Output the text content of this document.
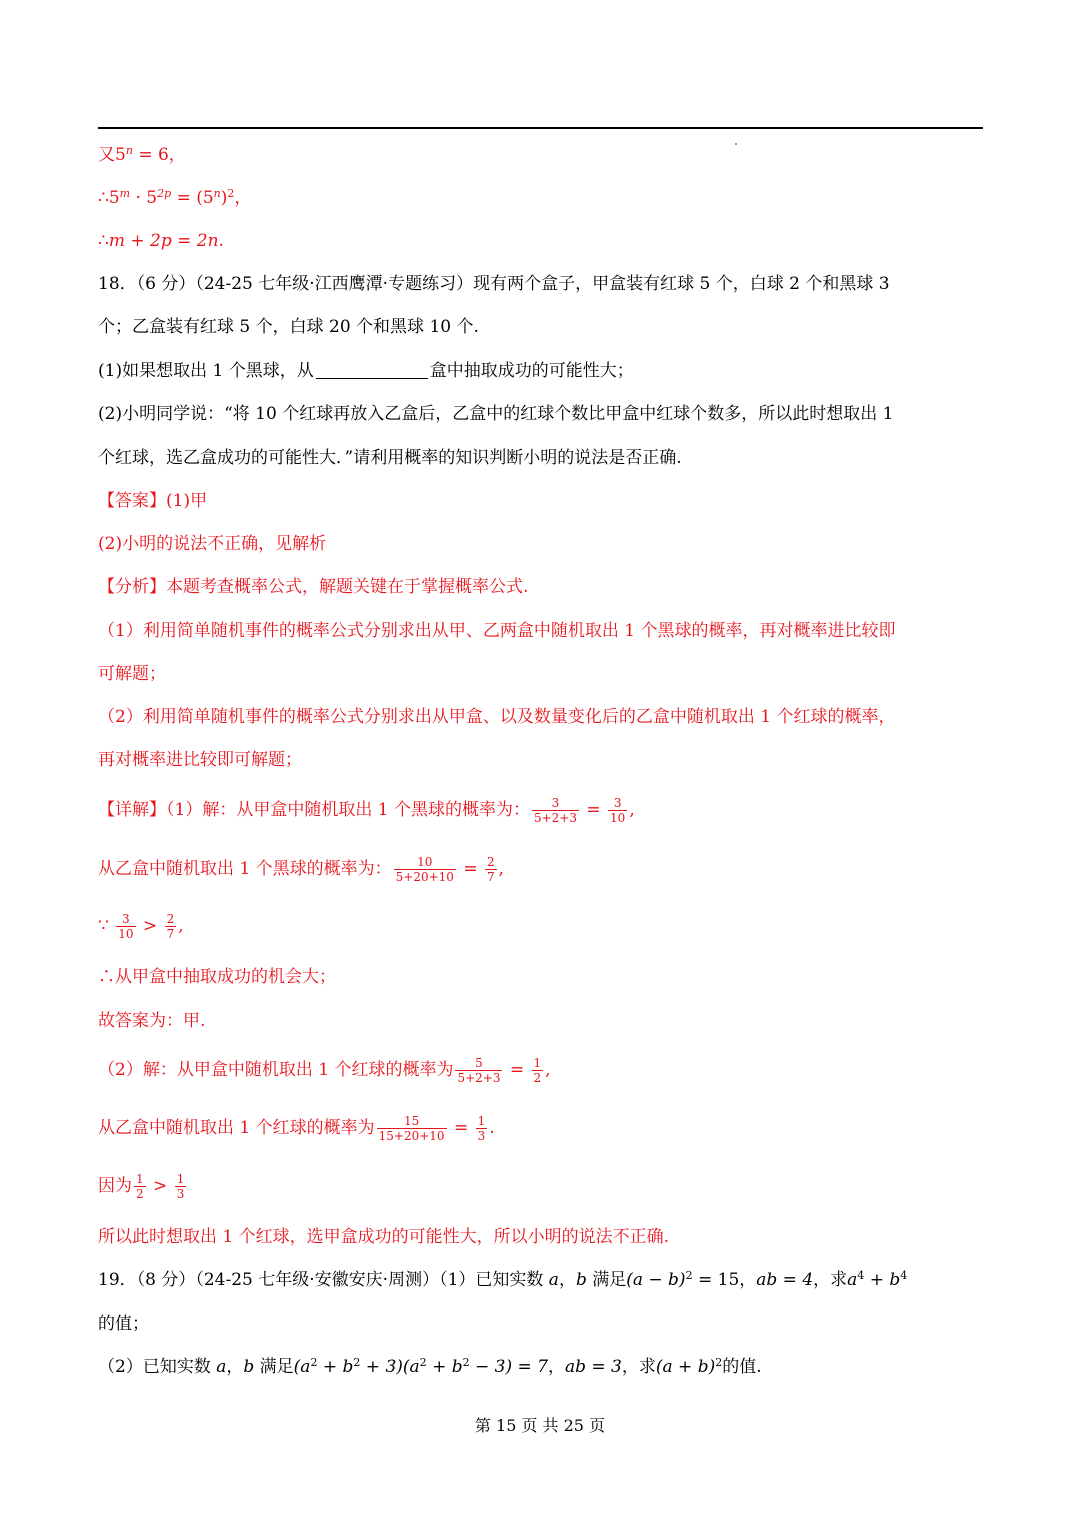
又$5^n = 6$，
$\therefore 5^m \cdot 5^{2p} = (5^n)^2$，
∴m + 2p = 2n.
18．（6 分）（24-25 七年级·江西鹰潭·专题练习）现有两个盒子，甲盒装有红球 5 个，白球 2 个和黑球 3
个；乙盒装有红球 5 个，白球 20 个和黑球 10 个.
(1)如果想取出 1 个黑球，从	盒中抽取成功的可能性大；
(2)小明同学说：“将 10 个红球再放入乙盒后，乙盒中的红球个数比甲盒中红球个数多，所以此时想取出 1
个红球，选乙盒成功的可能性大．”请利用概率的知识判断小明的说法是否正确.
【答案】(1)甲
(2)小明的说法不正确，见解析
【分析】本题考查概率公式，解题关键在于掌握概率公式.
（1）利用简单随机事件的概率公式分别求出从甲、乙两盒中随机取出 1 个黑球的概率，再对概率进比较即
可解题；
（2）利用简单随机事件的概率公式分别求出从甲盒、以及数量变化后的乙盒中随机取出 1 个红球的概率，
再对概率进比较即可解题；
【详解】（1）解：从甲盒中随机取出 1 个黑球的概率为： $\frac{3}{5+2+3} = \frac{3}{10}$ ,
从乙盒中随机取出 1 个黑球的概率为： $\frac{10}{5+20+10} = \frac{2}{7}$ ,
∵ $\frac{3}{10} > \frac{2}{7}$ ,
∴从甲盒中抽取成功的机会大；
故答案为：甲.
（2）解：从甲盒中随机取出 1 个红球的概率为 $\frac{5}{5+2+3} = \frac{1}{2}$ ,
从乙盒中随机取出 1 个红球的概率为 $\frac{15}{15+20+10} = \frac{1}{3}$ .
因为 $\frac{1}{2} > \frac{1}{3}$
所以此时想取出 1 个红球，选甲盒成功的可能性大，所以小明的说法不正确.
19．（8 分）（24-25 七年级·安徽安庆·周测）（1）已知实数 a，b 满足$(a - b)^2 = 15$，ab = 4，求$a^4 + b^4$
的值；
（2）已知实数 a，b 满足$(a^2 + b^2 + 3)(a^2 + b^2 - 3) = 7$，ab = 3，求$(a + b)^2$的值.
第 15 页 共 25 页
